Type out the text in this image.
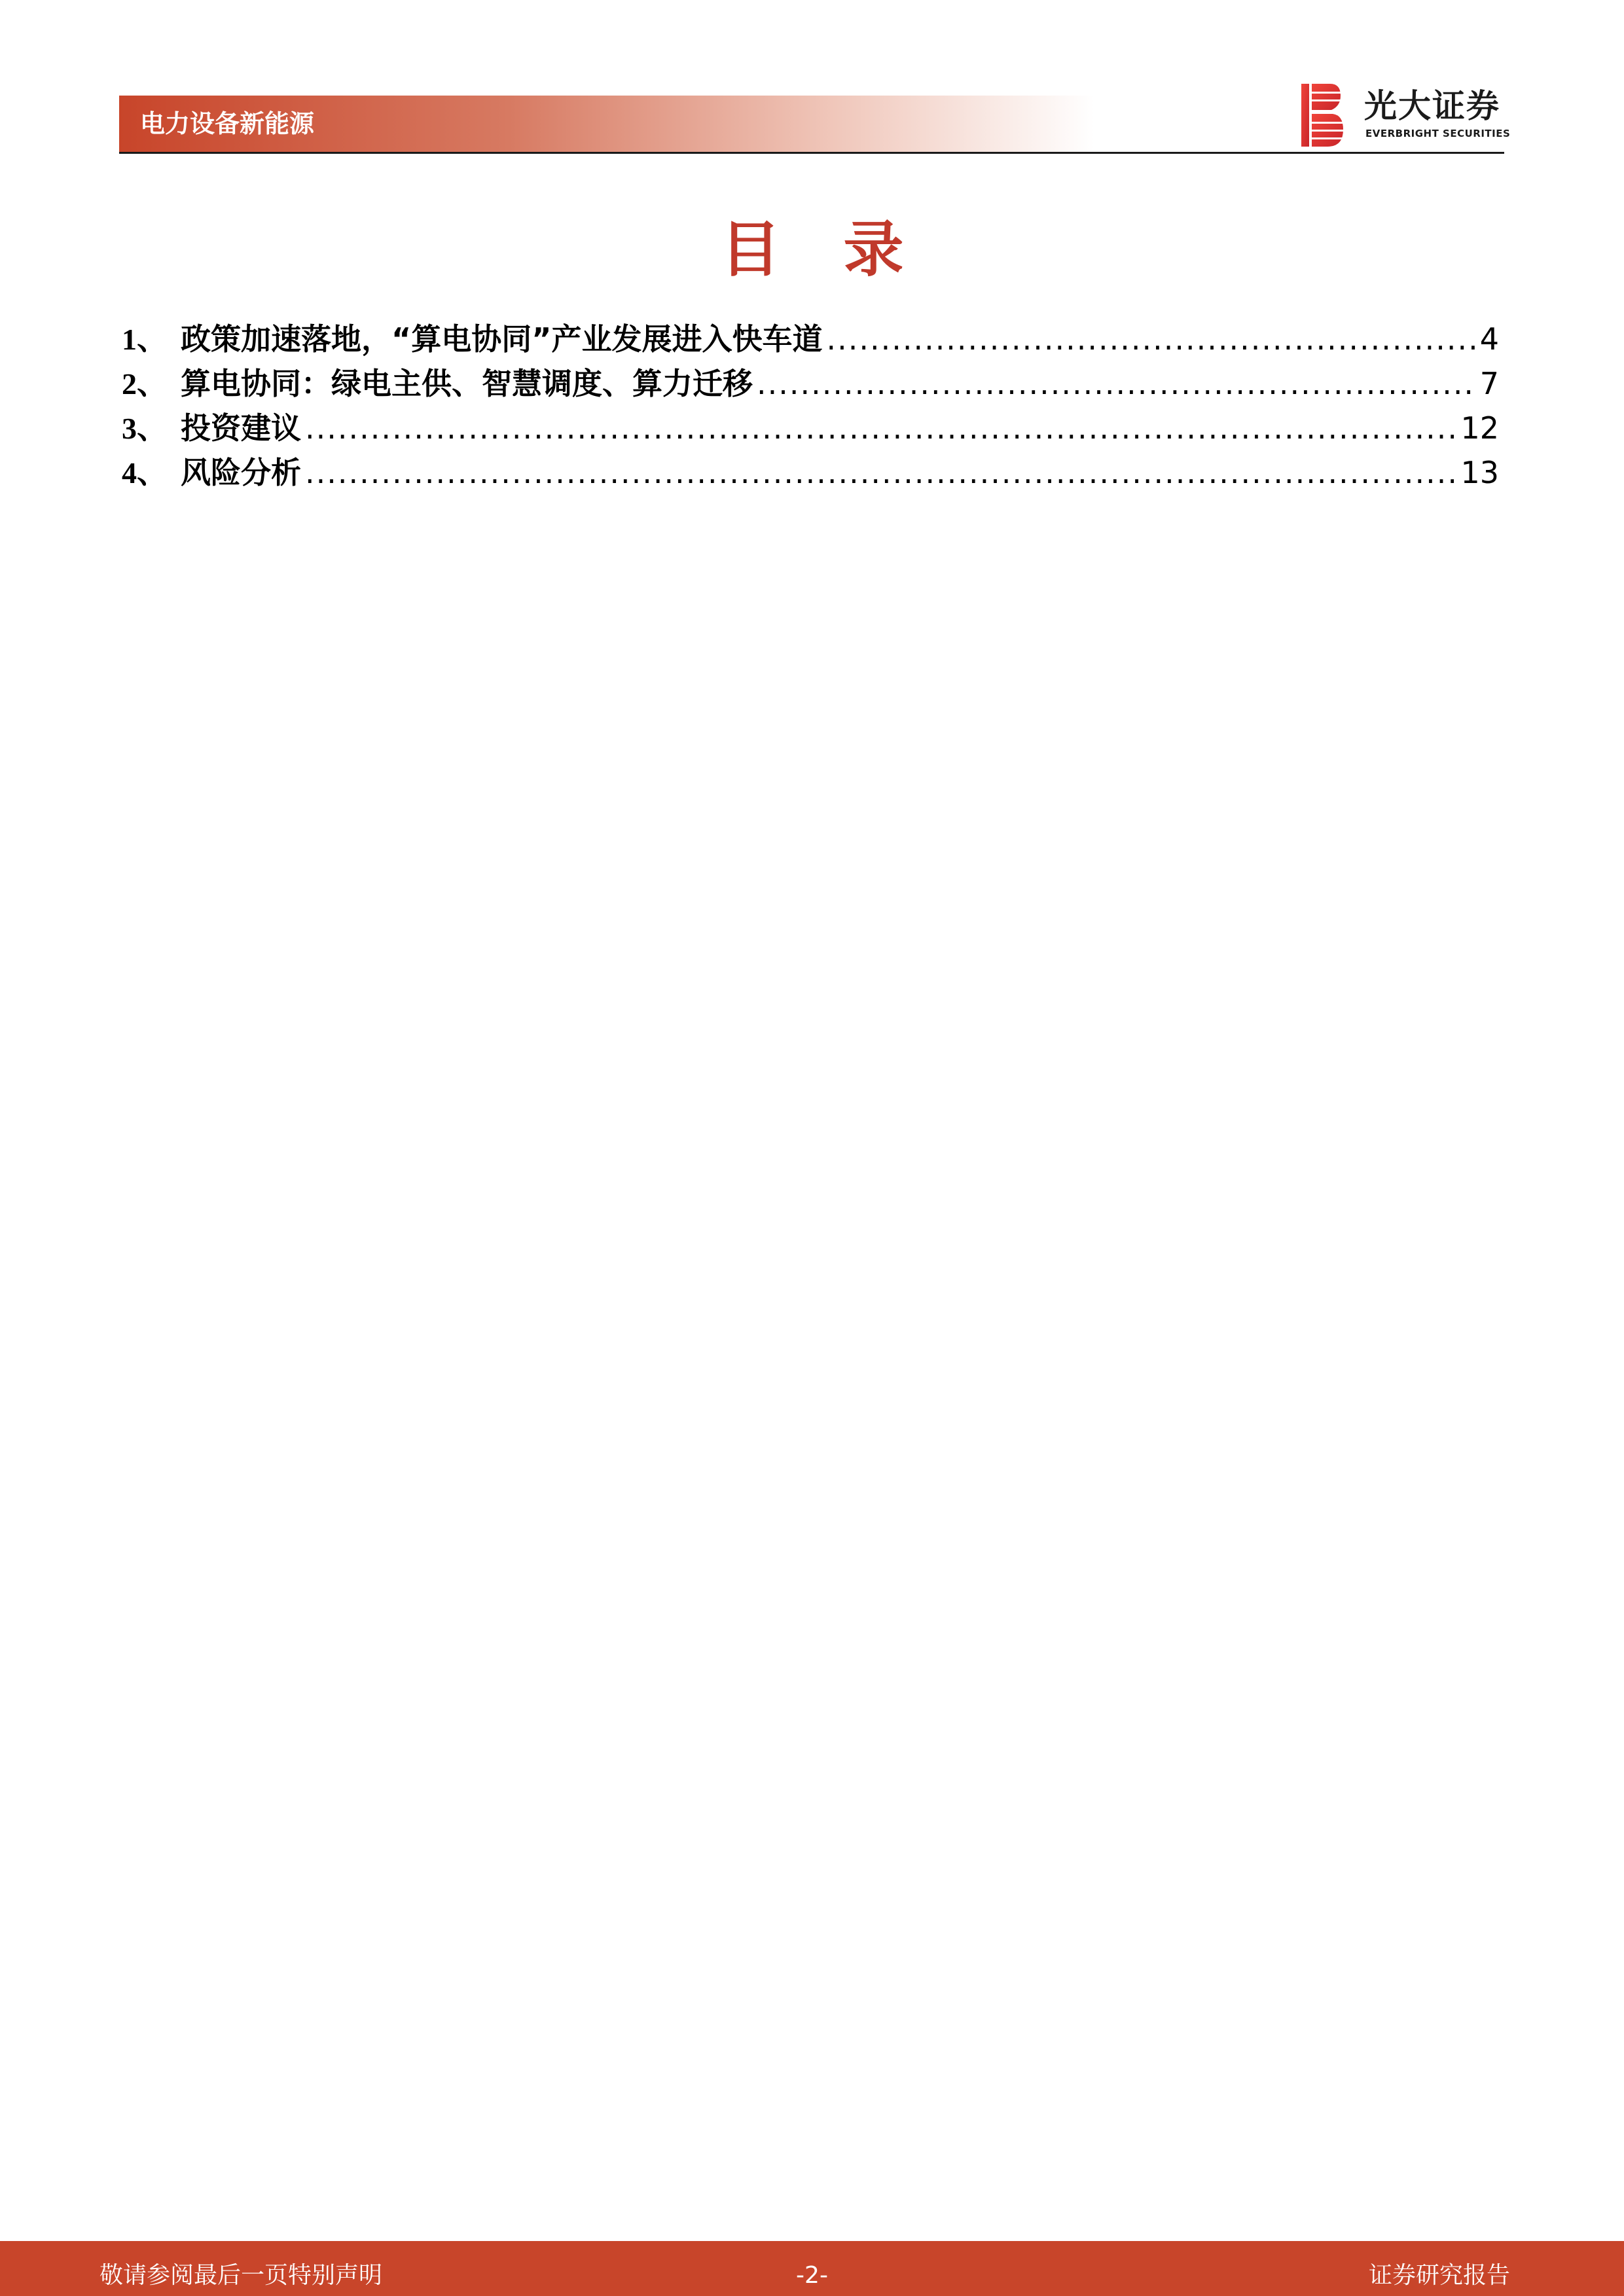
电力设备新能源	光大证券
EVERBRIGHT SECURITIES
目录
1、 政策加速落地，“算电协同”产业发展进入快车道 .....	4
2、 算电协同：绿电主供、智慧调度、算力迁移 .....	7
3、 投资建议 .....	12
4、 风险分析 .....	13
敬请参阅最后一页特别声明	-2-	证券研究报告
